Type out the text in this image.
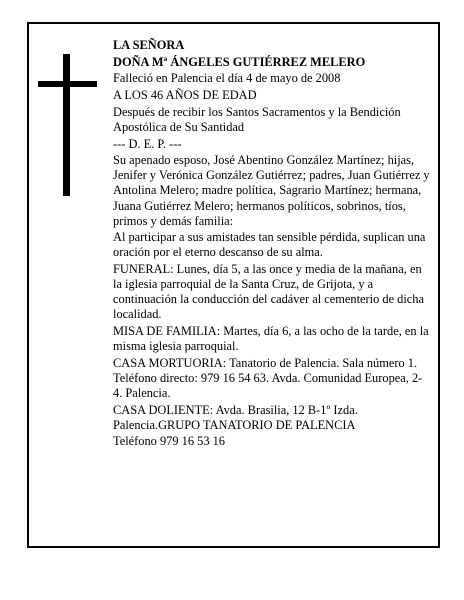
LA SEÑORA

DOÑA Mª ÁNGELES GUTIÉRREZ MELERO

Falleció en Palencia el día 4 de mayo de 2008

A LOS 46 AÑOS DE EDAD

Después de recibir los Santos Sacramentos y la Bendición Apostólica de Su Santidad

--- D. E. P. ---

Su apenado esposo, José Abentino González Martínez; hijas, Jenifer y Verónica González Gutiérrez; padres, Juan Gutiérrez y Antolina Melero; madre política, Sagrario Martínez; hermana, Juana Gutiérrez Melero; hermanos políticos, sobrinos, tíos, primos y demás familia:

Al participar a sus amistades tan sensible pérdida, suplican una oración por el eterno descanso de su alma.

FUNERAL: Lunes, día 5, a las once y media de la mañana, en la iglesia parroquial de la Santa Cruz, de Grijota, y a continuación la conducción del cadáver al cementerio de dicha localidad.

MISA DE FAMILIA: Martes, día 6, a las ocho de la tarde, en la misma iglesia parroquial.

CASA MORTUORIA: Tanatorio de Palencia. Sala número 1. Teléfono directo: 979 16 54 63. Avda. Comunidad Europea, 2-4. Palencia.

CASA DOLIENTE: Avda. Brasilia, 12 B-1º Izda. Palencia.GRUPO TANATORIO DE PALENCIA

Teléfono 979 16 53 16
